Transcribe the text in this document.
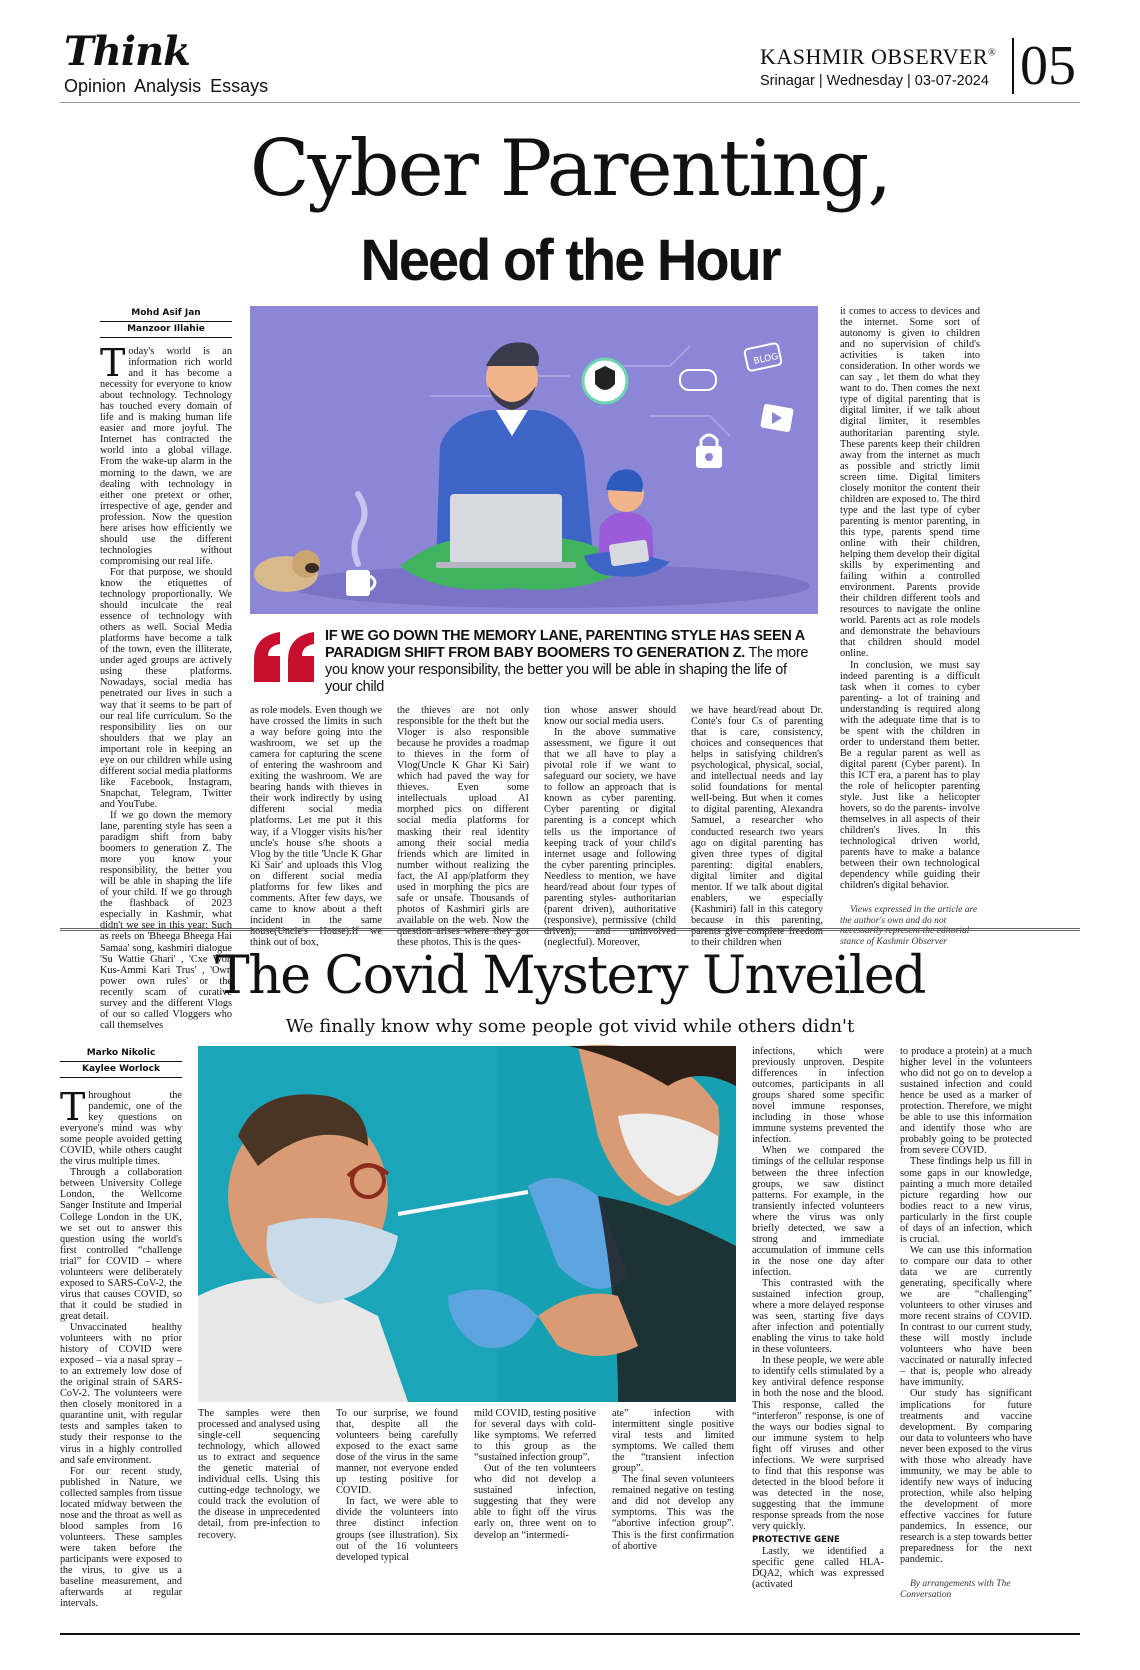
Think
Opinion Analysis Essays
KASHMIR OBSERVER®
Srinagar | Wednesday | 03-07-2024 05
Cyber Parenting,
Need of the Hour
Mohd Asif Jan
Manzoor Illahie

Today's world is an information rich world and it has become a necessity for everyone to know about technology. Technology has touched every domain of life and is making human life easier and more joyful. The Internet has contracted the world into a global village. From the wake-up alarm in the morning to the dawn, we are dealing with technology in either one pretext or other, irrespective of age, gender and profession. Now the question here arises how efficiently we should use the different technologies without compromising our real life.

For that purpose, we should know the etiquettes of technology proportionally. We should inculcate the real essence of technology with others as well. Social Media platforms have become a talk of the town, even the illiterate, under aged groups are actively using these platforms. Nowadays, social media has penetrated our lives in such a way that it seems to be part of our real life curriculum. So the responsibility lies on our shoulders that we play an important role in keeping an eye on our children while using different social media platforms like Facebook, Instagram, Snapchat, Telegram, Twitter and YouTube.

If we go down the memory lane, parenting style has seen a paradigm shift from baby boomers to generation Z. The more you know your responsibility, the better you will be able in shaping the life of your child. If we go through the flashback of 2023 especially in Kashmir, what didn't we see in this year: Such as reels on 'Bheega Bheega Hai Samaa' song, kashmiri dialogue 'Su Wattie Ghari' , 'Cxe Won Kus-Ammi Kari Trus' , 'Own power own rules' or the recently scam of curative survey and the different Vlogs of our so called Vloggers who call themselves

BLOG
IF WE GO DOWN THE MEMORY LANE, PARENTING STYLE HAS SEEN A PARADIGM SHIFT FROM BABY BOOMERS TO GENERATION Z. The more you know your responsibility, the better you will be able in shaping the life of your child

as role models. Even though we have crossed the limits in such a way before going into the washroom, we set up the camera for capturing the scene of entering the washroom and exiting the washroom. We are bearing hands with thieves in their work indirectly by using different social media platforms. Let me put it this way, if a Vlogger visits his/her uncle's house s/he shoots a Vlog by the title 'Uncle K Ghar Ki Sair' and uploads this Vlog on different social media platforms for few likes and comments. After few days, we came to know about a theft incident in the same house(Uncle's House).If we think out of box,

the thieves are not only responsible for the theft but the Vloger is also responsible because he provides a roadmap to thieves in the form of Vlog(Uncle K Ghar Ki Sair) which had paved the way for thieves. Even some intellectuals upload AI morphed pics on different social media platforms for masking their real identity among their social media friends which are limited in number without realizing the fact, the AI app/platform they used in morphing the pics are safe or unsafe. Thousands of photos of Kashmiri girls are available on the web. Now the question arises where they got these photos. This is the ques-

tion whose answer should know our social media users.

In the above summative assessment, we figure it out that we all have to play a pivotal role if we want to safeguard our society, we have to follow an approach that is known as cyber parenting. Cyber parenting or digital parenting is a concept which tells us the importance of keeping track of your child's internet usage and following the cyber parenting principles. Needless to mention, we have heard/read about four types of parenting styles- authoritarian (parent driven), authoritative (responsive), permissive (child driven), and uninvolved (neglectful). Moreover,

we have heard/read about Dr. Conte's four Cs of parenting that is care, consistency, choices and consequences that helps in satisfying children's psychological, physical, social, and intellectual needs and lay solid foundations for mental well-being. But when it comes to digital parenting, Alexandra Samuel, a researcher who conducted research two years ago on digital parenting has given three types of digital parenting: digital enablers, digital limiter and digital mentor. If we talk about digital enablers, we especially (Kashmiri) fall in this category because in this parenting, parents give complete freedom to their children when

it comes to access to devices and the internet. Some sort of autonomy is given to children and no supervision of child's activities is taken into consideration. In other words we can say , let them do what they want to do. Then comes the next type of digital parenting that is digital limiter, if we talk about digital limiter, it resembles authoritarian parenting style. These parents keep their children away from the internet as much as possible and strictly limit screen time. Digital limiters closely monitor the content their children are exposed to. The third type and the last type of cyber parenting is mentor parenting, in this type, parents spend time online with their children, helping them develop their digital skills by experimenting and failing within a controlled environment. Parents provide their children different tools and resources to navigate the online world. Parents act as role models and demonstrate the behaviours that children should model online.

In conclusion, we must say indeed parenting is a difficult task when it comes to cyber parenting- a lot of training and understanding is required along with the adequate time that is to be spent with the children in order to understand them better. Be a regular parent as well as digital parent (Cyber parent). In this ICT era, a parent has to play the role of helicopter parenting style. Just like a helicopter hovers, so do the parents- involve themselves in all aspects of their children's lives. In this technological driven world, parents have to make a balance between their own technological dependency while guiding their children's digital behavior.

Views expressed in the article are the author's own and do not necessarily represent the editorial stance of Kashmir Observer

The Covid Mystery Unveiled
We finally know why some people got vivid while others didn't
Marko Nikolic
Kaylee Worlock

Throughout the pandemic, one of the key questions on everyone's mind was why some people avoided getting COVID, while others caught the virus multiple times.

Through a collaboration between University College London, the Wellcome Sanger Institute and Imperial College London in the UK, we set out to answer this question using the world's first controlled “challenge trial” for COVID – where volunteers were deliberately exposed to SARS-CoV-2, the virus that causes COVID, so that it could be studied in great detail.

Unvaccinated healthy volunteers with no prior history of COVID were exposed – via a nasal spray – to an extremely low dose of the original strain of SARS-CoV-2. The volunteers were then closely monitored in a quarantine unit, with regular tests and samples taken to study their response to the virus in a highly controlled and safe environment.

For our recent study, published in Nature, we collected samples from tissue located midway between the nose and the throat as well as blood samples from 16 volunteers. These samples were taken before the participants were exposed to the virus, to give us a baseline measurement, and afterwards at regular intervals.

The samples were then processed and analysed using single-cell sequencing technology, which allowed us to extract and sequence the genetic material of individual cells. Using this cutting-edge technology, we could track the evolution of the disease in unprecedented detail, from pre-infection to recovery.

To our surprise, we found that, despite all the volunteers being carefully exposed to the exact same dose of the virus in the same manner, not everyone ended up testing positive for COVID.

In fact, we were able to divide the volunteers into three distinct infection groups (see illustration). Six out of the 16 volunteers developed typical

mild COVID, testing positive for several days with cold-like symptoms. We referred to this group as the “sustained infection group”.

Out of the ten volunteers who did not develop a sustained infection, suggesting that they were able to fight off the virus early on, three went on to develop an “intermedi-

ate” infection with intermittent single positive viral tests and limited symptoms. We called them the “transient infection group”.

The final seven volunteers remained negative on testing and did not develop any symptoms. This was the “abortive infection group”. This is the first confirmation of abortive

infections, which were previously unproven. Despite differences in infection outcomes, participants in all groups shared some specific novel immune responses, including in those whose immune systems prevented the infection.

When we compared the timings of the cellular response between the three infection groups, we saw distinct patterns. For example, in the transiently infected volunteers where the virus was only briefly detected, we saw a strong and immediate accumulation of immune cells in the nose one day after infection.

This contrasted with the sustained infection group, where a more delayed response was seen, starting five days after infection and potentially enabling the virus to take hold in these volunteers.

In these people, we were able to identify cells stimulated by a key antiviral defence response in both the nose and the blood. This response, called the “interferon” response, is one of the ways our bodies signal to our immune system to help fight off viruses and other infections. We were surprised to find that this response was detected in the blood before it was detected in the nose, suggesting that the immune response spreads from the nose very quickly.

PROTECTIVE GENE

Lastly, we identified a specific gene called HLA-DQA2, which was expressed (activated

to produce a protein) at a much higher level in the volunteers who did not go on to develop a sustained infection and could hence be used as a marker of protection. Therefore, we might be able to use this information and identify those who are probably going to be protected from severe COVID.

These findings help us fill in some gaps in our knowledge, painting a much more detailed picture regarding how our bodies react to a new virus, particularly in the first couple of days of an infection, which is crucial.

We can use this information to compare our data to other data we are currently generating, specifically where we are “challenging” volunteers to other viruses and more recent strains of COVID. In contrast to our current study, these will mostly include volunteers who have been vaccinated or naturally infected – that is, people who already have immunity.

Our study has significant implications for future treatments and vaccine development. By comparing our data to volunteers who have never been exposed to the virus with those who already have immunity, we may be able to identify new ways of inducing protection, while also helping the development of more effective vaccines for future pandemics. In essence, our research is a step towards better preparedness for the next pandemic.

By arrangements with The Conversation
